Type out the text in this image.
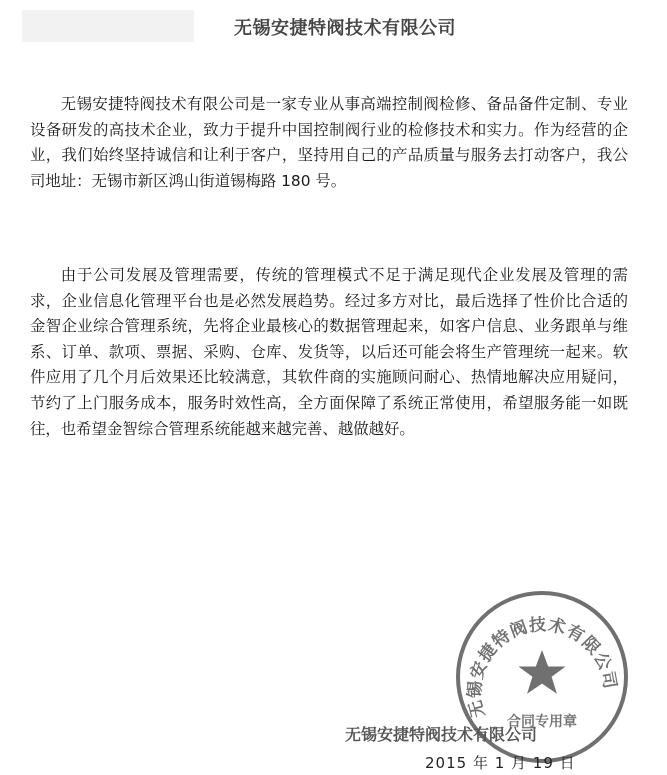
无锡安捷特阀技术有限公司

无锡安捷特阀技术有限公司是一家专业从事高端控制阀检修、备品备件定制、专业设备研发的高技术企业，致力于提升中国控制阀行业的检修技术和实力。作为经营的企业，我们始终坚持诚信和让利于客户，坚持用自己的产品质量与服务去打动客户，我公司地址：无锡市新区鸿山街道锡梅路 180 号。

由于公司发展及管理需要，传统的管理模式不足于满足现代企业发展及管理的需求，企业信息化管理平台也是必然发展趋势。经过多方对比，最后选择了性价比合适的金智企业综合管理系统，先将企业最核心的数据管理起来，如客户信息、业务跟单与维系、订单、款项、票据、采购、仓库、发货等，以后还可能会将生产管理统一起来。软件应用了几个月后效果还比较满意，其软件商的实施顾问耐心、热情地解决应用疑问，节约了上门服务成本，服务时效性高，全方面保障了系统正常使用，希望服务能一如既往，也希望金智综合管理系统能越来越完善、越做越好。

无锡安捷特阀技术有限公司
合同专用章
无锡安捷特阀技术有限公司
2015 年 1 月 19 日
